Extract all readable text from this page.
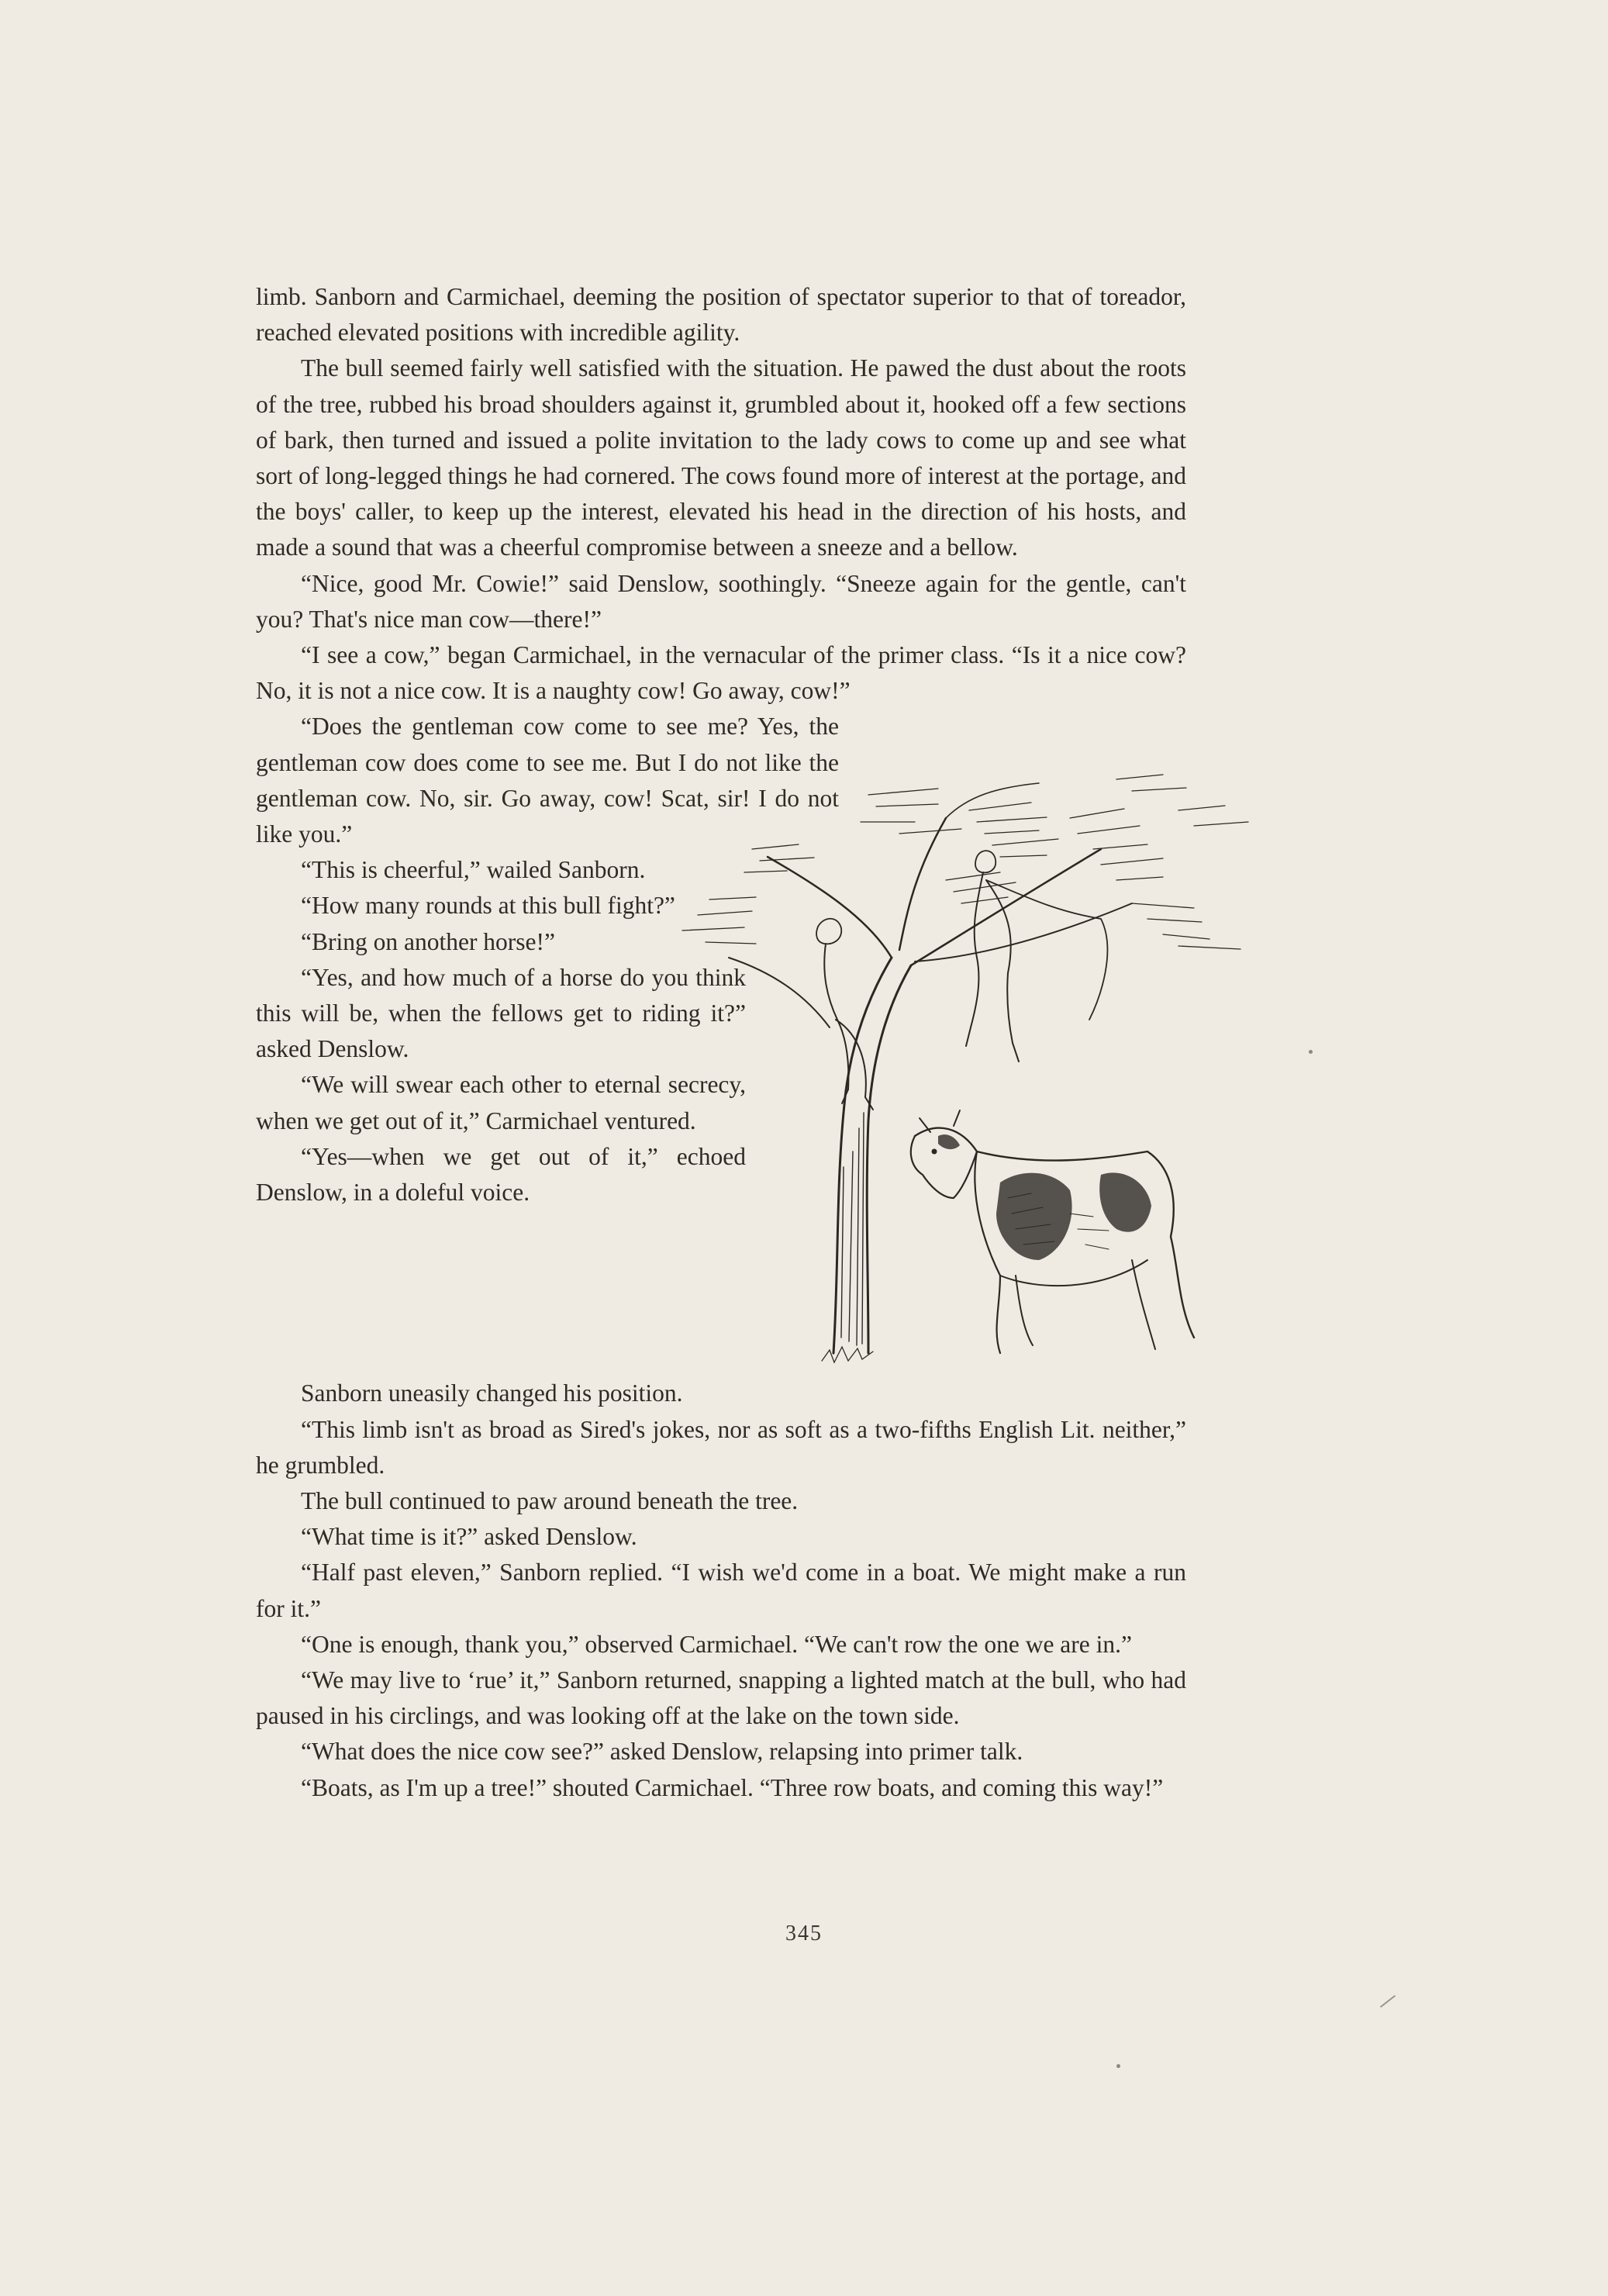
limb. Sanborn and Carmichael, deeming the position of spectator superior to that of toreador, reached elevated positions with incredible agility.

The bull seemed fairly well satisfied with the situation. He pawed the dust about the roots of the tree, rubbed his broad shoulders against it, grumbled about it, hooked off a few sections of bark, then turned and issued a polite invitation to the lady cows to come up and see what sort of long-legged things he had cornered. The cows found more of interest at the portage, and the boys' caller, to keep up the interest, elevated his head in the direction of his hosts, and made a sound that was a cheerful compromise between a sneeze and a bellow.

“Nice, good Mr. Cowie!” said Denslow, soothingly. “Sneeze again for the gentle, can't you? That's nice man cow—there!”

“I see a cow,” began Carmichael, in the vernacular of the primer class. “Is it a nice cow? No, it is not a nice cow. It is a naughty cow! Go away, cow!”

“Does the gentleman cow come to see me? Yes, the gentleman cow does come to see me. But I do not like the gentleman cow. No, sir. Go away, cow! Scat, sir! I do not like you.”

“This is cheerful,” wailed Sanborn.

“How many rounds at this bull fight?”

“Bring on another horse!”

“Yes, and how much of a horse do you think this will be, when the fellows get to riding it?” asked Denslow.

“We will swear each other to eternal secrecy, when we get out of it,” Carmichael ventured.

“Yes—when we get out of it,” echoed Denslow, in a doleful voice.

Sanborn uneasily changed his position.

“This limb isn't as broad as Sired's jokes, nor as soft as a two-fifths English Lit. neither,” he grumbled.

The bull continued to paw around beneath the tree.

“What time is it?” asked Denslow.

“Half past eleven,” Sanborn replied. “I wish we'd come in a boat. We might make a run for it.”

“One is enough, thank you,” observed Carmichael. “We can't row the one we are in.”

“We may live to ‘rue’ it,” Sanborn returned, snapping a lighted match at the bull, who had paused in his circlings, and was looking off at the lake on the town side.

“What does the nice cow see?” asked Denslow, relapsing into primer talk.

“Boats, as I'm up a tree!” shouted Carmichael. “Three row boats, and coming this way!”

345
